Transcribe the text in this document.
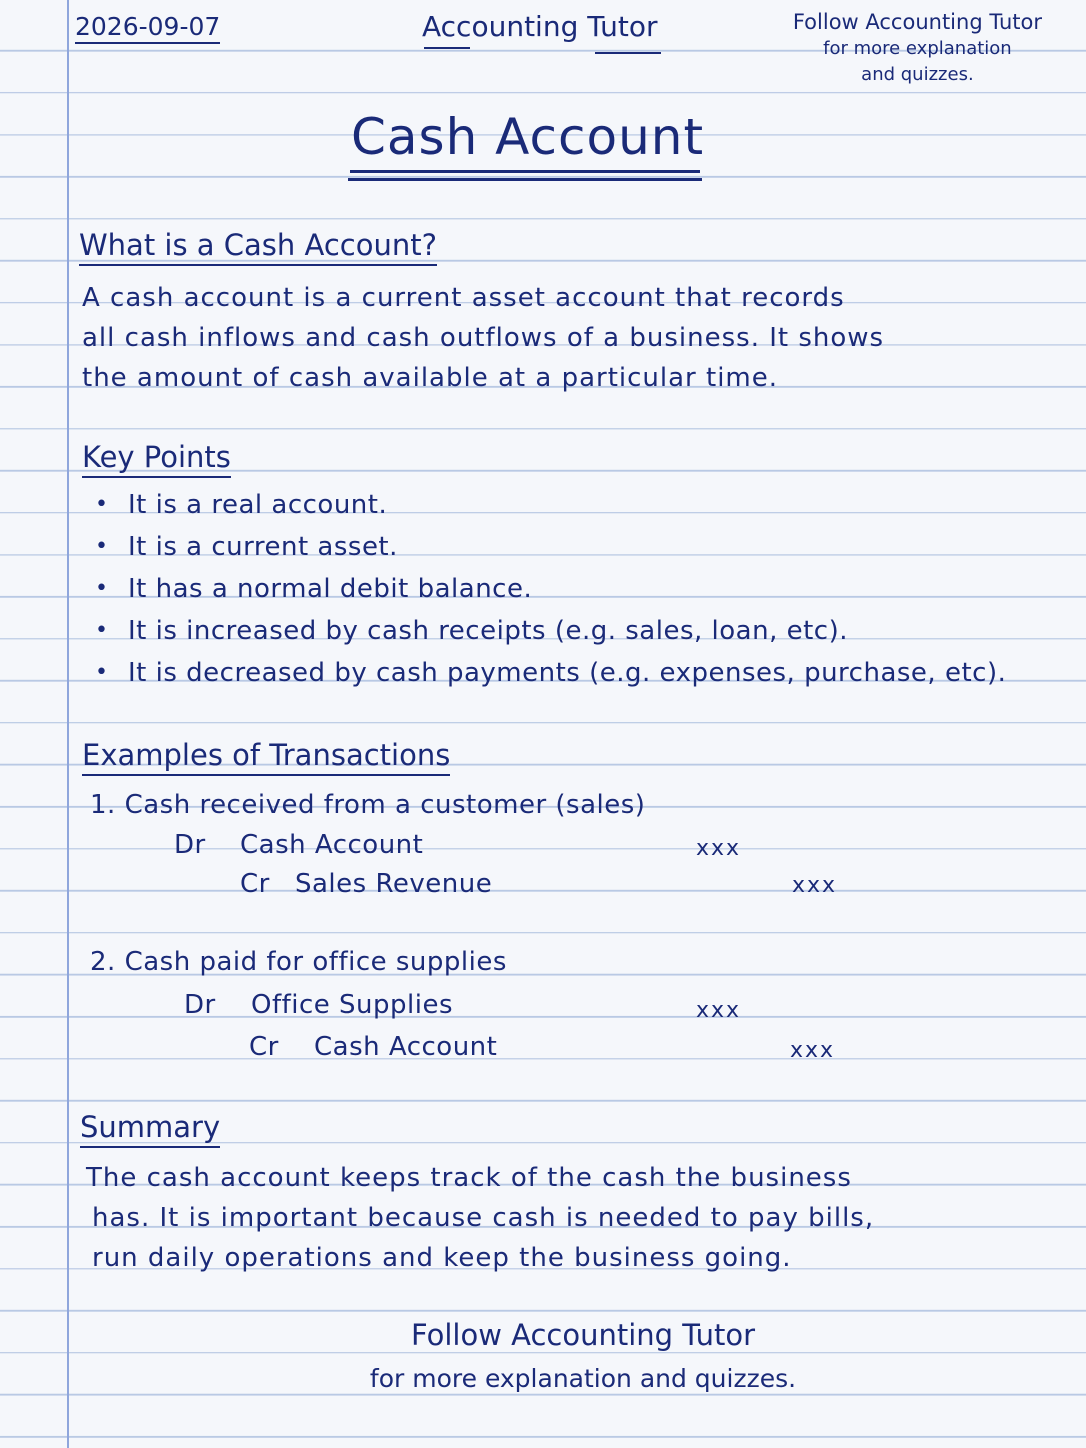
2026-09-07	Accounting Tutor	Follow Accounting Tutor
for more explanation
and quizzes.
Cash Account
What is a Cash Account?
A cash account is a current asset account that records
all cash inflows and cash outflows of a business. It shows
the amount of cash available at a particular time.
Key Points
• It is a real account.
• It is a current asset.
• It has a normal debit balance.
• It is increased by cash receipts (e.g. sales, loan, etc).
• It is decreased by cash payments (e.g. expenses, purchase, etc).
Examples of Transactions
1. Cash received from a customer (sales)
Dr Cash Account	xxx
Cr Sales Revenue	xxx
2. Cash paid for office supplies
Dr Office Supplies	xxx
Cr Cash Account	xxx
Summary
The cash account keeps track of the cash the business
has. It is important because cash is needed to pay bills,
run daily operations and keep the business going.
Follow Accounting Tutor
for more explanation and quizzes.
